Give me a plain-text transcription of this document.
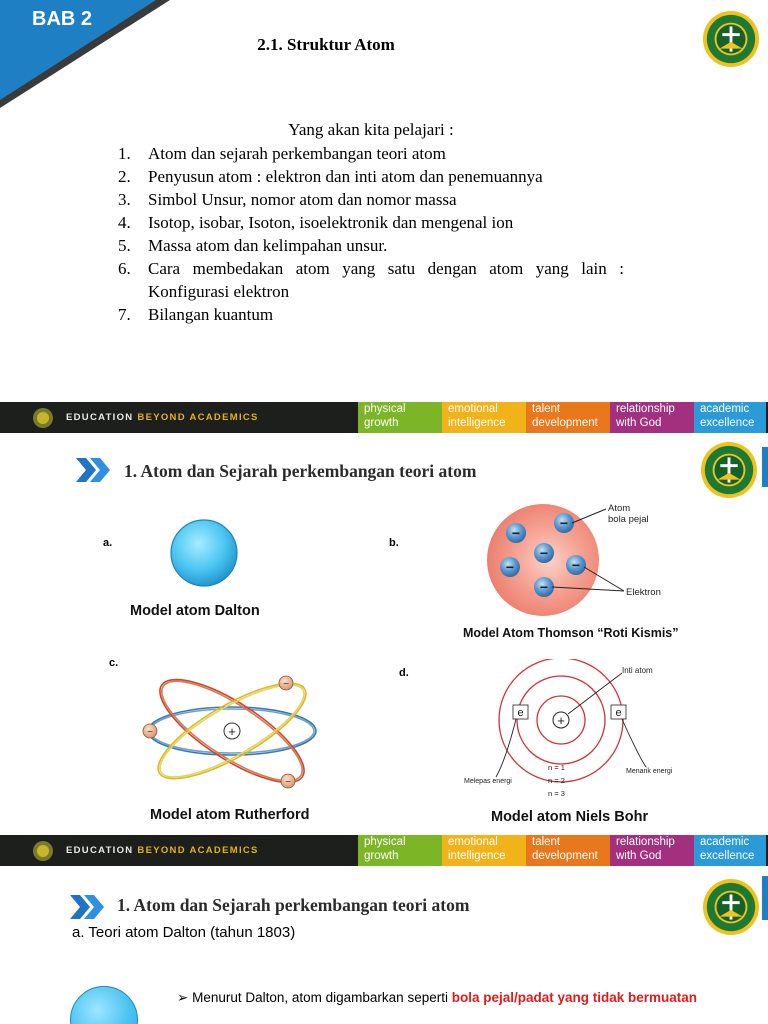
BAB 2
2.1. Struktur Atom
Yang akan kita pelajari :
1. Atom dan sejarah perkembangan teori atom
2. Penyusun atom : elektron dan inti atom dan penemuannya
3. Simbol Unsur, nomor atom dan nomor massa
4. Isotop, isobar, Isoton, isoelektronik dan mengenal ion
5. Massa atom dan kelimpahan unsur.
6. Cara membedakan atom yang satu dengan atom yang lain : Konfigurasi elektron
7. Bilangan kuantum
EDUCATION BEYOND ACADEMICS
physical
growth
emotional
intelligence
talent
development
relationship
with God
academic
excellence
1. Atom dan Sejarah perkembangan teori atom
a.
Model atom Dalton
b.
−
−
−
−	−
−
Atom
bola pejal
Elektron
Model Atom Thomson “Roti Kismis”
c.
+
−
−
−
Model atom Rutherford
d.
+
e	e
Inti atom
Melepas energi
Menarik energi
n = 1
n = 2
n = 3
Model atom Niels Bohr
EDUCATION BEYOND ACADEMICS
physical
growth
emotional
intelligence
talent
development
relationship
with God
academic
excellence
1. Atom dan Sejarah perkembangan teori atom
a. Teori atom Dalton (tahun 1803)
➢ Menurut Dalton, atom digambarkan seperti bola pejal/padat yang tidak bermuatan
